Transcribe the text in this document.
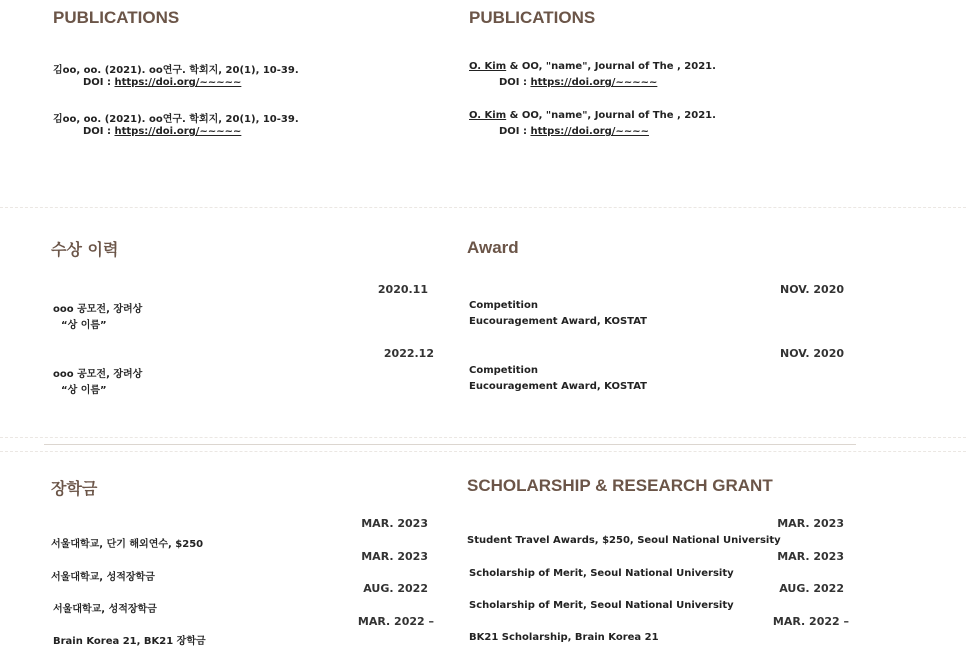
PUBLICATIONS
김oo, oo. (2021). oo연구. 학회지, 20(1), 10-39.
DOI : https://doi.org/~~~~~
김oo, oo. (2021). oo연구. 학회지, 20(1), 10-39.
DOI : https://doi.org/~~~~~
PUBLICATIONS
O. Kim & OO, "name", Journal of The , 2021.
DOI : https://doi.org/~~~~~
O. Kim & OO, "name", Journal of The , 2021.
DOI : https://doi.org/~~~~
수상 이력
2020.11
ooo 공모전, 장려상
“상 이름”
2022.12
ooo 공모전, 장려상
“상 이름”
Award
NOV. 2020
Competition
Eucouragement Award, KOSTAT
NOV. 2020
Competition
Eucouragement Award, KOSTAT
장학금
MAR. 2023
서울대학교, 단기 해외연수, $250
MAR. 2023
서울대학교, 성적장학금
AUG. 2022
서울대학교, 성적장학금
MAR. 2022 –
Brain Korea 21, BK21 장학금
SCHOLARSHIP & RESEARCH GRANT
MAR. 2023
Student Travel Awards, $250, Seoul National University
MAR. 2023
Scholarship of Merit, Seoul National University
AUG. 2022
Scholarship of Merit, Seoul National University
MAR. 2022 –
BK21 Scholarship, Brain Korea 21
